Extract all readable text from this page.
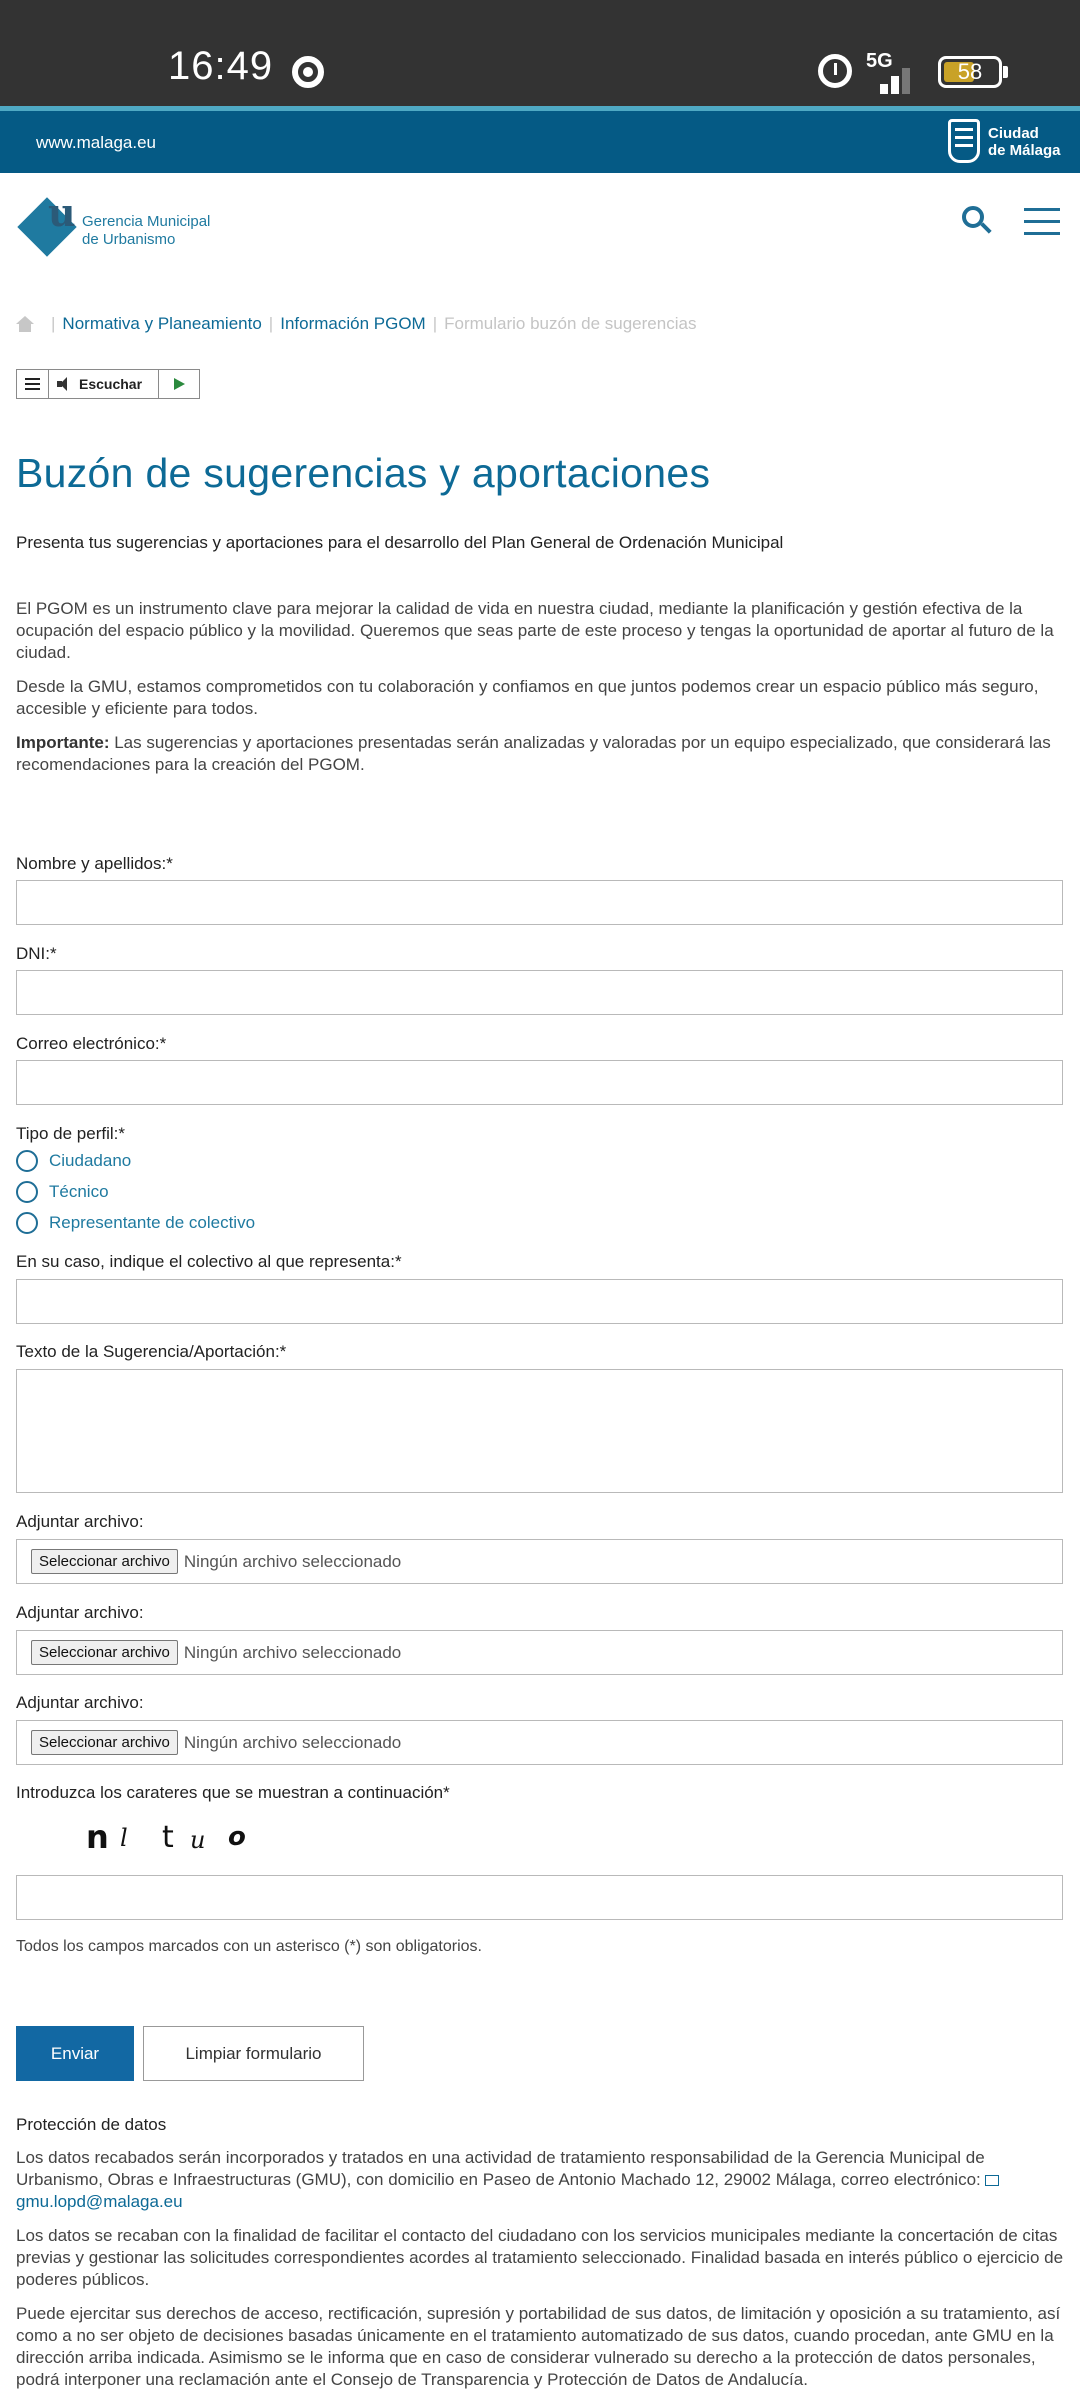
16:49	5G	58
www.malaga.eu	Ciudad
de Málaga
u Gerencia Municipal
de Urbanismo
| Normativa y Planeamiento | Información PGOM | Formulario buzón de sugerencias
Escuchar
Buzón de sugerencias y aportaciones
Presenta tus sugerencias y aportaciones para el desarrollo del Plan General de Ordenación Municipal

El PGOM es un instrumento clave para mejorar la calidad de vida en nuestra ciudad, mediante la planificación y gestión efectiva de la ocupación del espacio público y la movilidad. Queremos que seas parte de este proceso y tengas la oportunidad de aportar al futuro de la ciudad.

Desde la GMU, estamos comprometidos con tu colaboración y confiamos en que juntos podemos crear un espacio público más seguro, accesible y eficiente para todos.

Importante: Las sugerencias y aportaciones presentadas serán analizadas y valoradas por un equipo especializado, que considerará las recomendaciones para la creación del PGOM.

Nombre y apellidos:*
DNI:*
Correo electrónico:*
Tipo de perfil:*
Ciudadano
Técnico
Representante de colectivo
En su caso, indique el colectivo al que representa:*
Texto de la Sugerencia/Aportación:*
Adjuntar archivo:
Seleccionar archivo Ningún archivo seleccionado
Adjuntar archivo:
Seleccionar archivo Ningún archivo seleccionado
Adjuntar archivo:
Seleccionar archivo Ningún archivo seleccionado
Introduzca los carateres que se muestran a continuación*
n l t u o
Todos los campos marcados con un asterisco (*) son obligatorios.
Enviar	Limpiar formulario
Protección de datos

Los datos recabados serán incorporados y tratados en una actividad de tratamiento responsabilidad de la Gerencia Municipal de Urbanismo, Obras e Infraestructuras (GMU), con domicilio en Paseo de Antonio Machado 12, 29002 Málaga, correo electrónico:
gmu.lopd@malaga.eu

Los datos se recaban con la finalidad de facilitar el contacto del ciudadano con los servicios municipales mediante la concertación de citas previas y gestionar las solicitudes correspondientes acordes al tratamiento seleccionado. Finalidad basada en interés público o ejercicio de poderes públicos.

Puede ejercitar sus derechos de acceso, rectificación, supresión y portabilidad de sus datos, de limitación y oposición a su tratamiento, así como a no ser objeto de decisiones basadas únicamente en el tratamiento automatizado de sus datos, cuando procedan, ante GMU en la dirección arriba indicada. Asimismo se le informa que en caso de considerar vulnerado su derecho a la protección de datos personales, podrá interponer una reclamación ante el Consejo de Transparencia y Protección de Datos de Andalucía.
